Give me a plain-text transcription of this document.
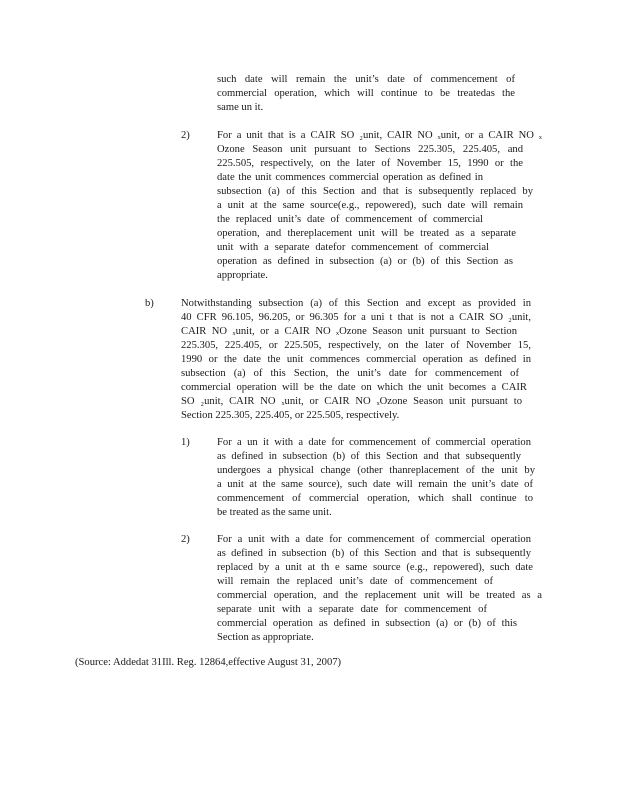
such date will remain the unit’s date of commencement of
commercial operation, which will continue to be treatedas the
same un it.
2)	For a unit that is a CAIR SO ₂unit, CAIR NO ₓunit, or a CAIR NO ₓ
Ozone Season unit pursuant to Sections 225.305, 225.405, and
225.505, respectively, on the later of November 15, 1990 or the
date the unit commences commercial operation as defined in
subsection (a) of this Section and that is subsequently replaced by
a unit at the same source(e.g., repowered), such date will remain
the replaced unit’s date of commencement of commercial
operation, and thereplacement unit will be treated as a separate
unit with a separate datefor commencement of commercial
operation as defined in subsection (a) or (b) of this Section as
appropriate.
b)	Notwithstanding subsection (a) of this Section and except as provided in
40 CFR 96.105, 96.205, or 96.305 for a uni t that is not a CAIR SO ₂unit,
CAIR NO ₓunit, or a CAIR NO ₓOzone Season unit pursuant to Section
225.305, 225.405, or 225.505, respectively, on the later of November 15,
1990 or the date the unit commences commercial operation as defined in
subsection (a) of this Section, the unit’s date for commencement of
commercial operation will be the date on which the unit becomes a CAIR
SO ₂unit, CAIR NO ₓunit, or CAIR NO ₓOzone Season unit pursuant to
Section 225.305, 225.405, or 225.505, respectively.
1)	For a un it with a date for commencement of commercial operation
as defined in subsection (b) of this Section and that subsequently
undergoes a physical change (other thanreplacement of the unit by
a unit at the same source), such date will remain the unit’s date of
commencement of commercial operation, which shall continue to
be treated as the same unit.
2)	For a unit with a date for commencement of commercial operation
as defined in subsection (b) of this Section and that is subsequently
replaced by a unit at th e same source (e.g., repowered), such date
will remain the replaced unit’s date of commencement of
commercial operation, and the replacement unit will be treated as a
separate unit with a separate date for commencement of
commercial operation as defined in subsection (a) or (b) of this
Section as appropriate.
(Source: Addedat 31Ill. Reg. 12864,effective August 31, 2007)
